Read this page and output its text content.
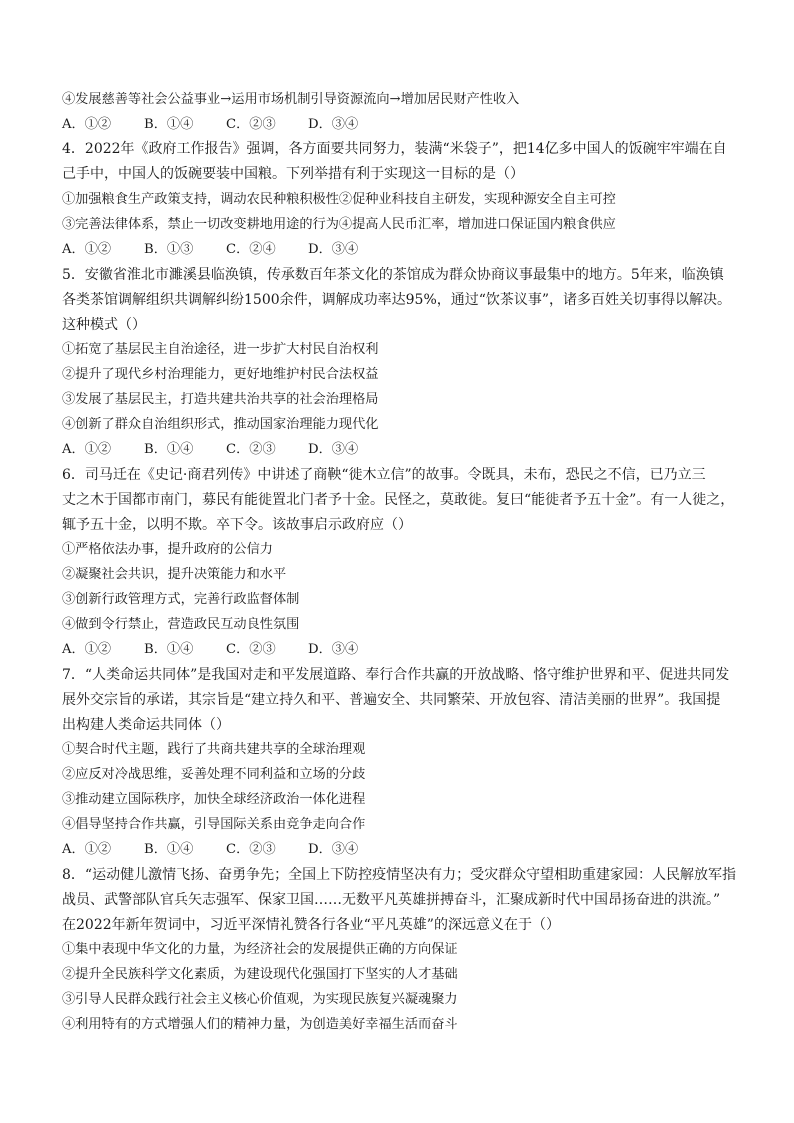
④发展慈善等社会公益事业→运用市场机制引导资源流向→增加居民财产性收入
A．①② B．①④ C．②③ D．③④
4．2022年《政府工作报告》强调，各方面要共同努力，装满“米袋子”，把14亿多中国人的饭碗牢牢端在自
己手中，中国人的饭碗要装中国粮。下列举措有利于实现这一目标的是（）
①加强粮食生产政策支持，调动农民种粮积极性②促种业科技自主研发，实现种源安全自主可控
③完善法律体系，禁止一切改变耕地用途的行为④提高人民币汇率，增加进口保证国内粮食供应
A．①② B．①③ C．②④ D．③④
5．安徽省淮北市濉溪县临涣镇，传承数百年茶文化的茶馆成为群众协商议事最集中的地方。5年来，临涣镇
各类茶馆调解组织共调解纠纷1500余件，调解成功率达95%，通过“饮茶议事”，诸多百姓关切事得以解决。
这种模式（）
①拓宽了基层民主自治途径，进一步扩大村民自治权利
②提升了现代乡村治理能力，更好地维护村民合法权益
③发展了基层民主，打造共建共治共享的社会治理格局
④创新了群众自治组织形式，推动国家治理能力现代化
A．①② B．①④ C．②③ D．③④
6．司马迁在《史记·商君列传》中讲述了商鞅“徙木立信”的故事。令既具，未布，恐民之不信，已乃立三
丈之木于国都市南门，募民有能徙置北门者予十金。民怪之，莫敢徙。复曰“能徙者予五十金”。有一人徙之，
辄予五十金，以明不欺。卒下令。该故事启示政府应（）
①严格依法办事，提升政府的公信力
②凝聚社会共识，提升决策能力和水平
③创新行政管理方式，完善行政监督体制
④做到令行禁止，营造政民互动良性氛围
A．①② B．①④ C．②③ D．③④
7．“人类命运共同体”是我国对走和平发展道路、奉行合作共赢的开放战略、恪守维护世界和平、促进共同发
展外交宗旨的承诺，其宗旨是“建立持久和平、普遍安全、共同繁荣、开放包容、清洁美丽的世界”。我国提
出构建人类命运共同体（）
①契合时代主题，践行了共商共建共享的全球治理观
②应反对冷战思维，妥善处理不同利益和立场的分歧
③推动建立国际秩序，加快全球经济政治一体化进程
④倡导坚持合作共赢，引导国际关系由竞争走向合作
A．①② B．①④ C．②③ D．③④
8．“运动健儿激情飞扬、奋勇争先；全国上下防控疫情坚决有力；受灾群众守望相助重建家园：人民解放军指
战员、武警部队官兵矢志强军、保家卫国……无数平凡英雄拼搏奋斗，汇聚成新时代中国昂扬奋进的洪流。”
在2022年新年贺词中，习近平深情礼赞各行各业“平凡英雄”的深远意义在于（）
①集中表现中华文化的力量，为经济社会的发展提供正确的方向保证
②提升全民族科学文化素质，为建设现代化强国打下坚实的人才基础
③引导人民群众践行社会主义核心价值观，为实现民族复兴凝魂聚力
④利用特有的方式增强人们的精神力量，为创造美好幸福生活而奋斗
